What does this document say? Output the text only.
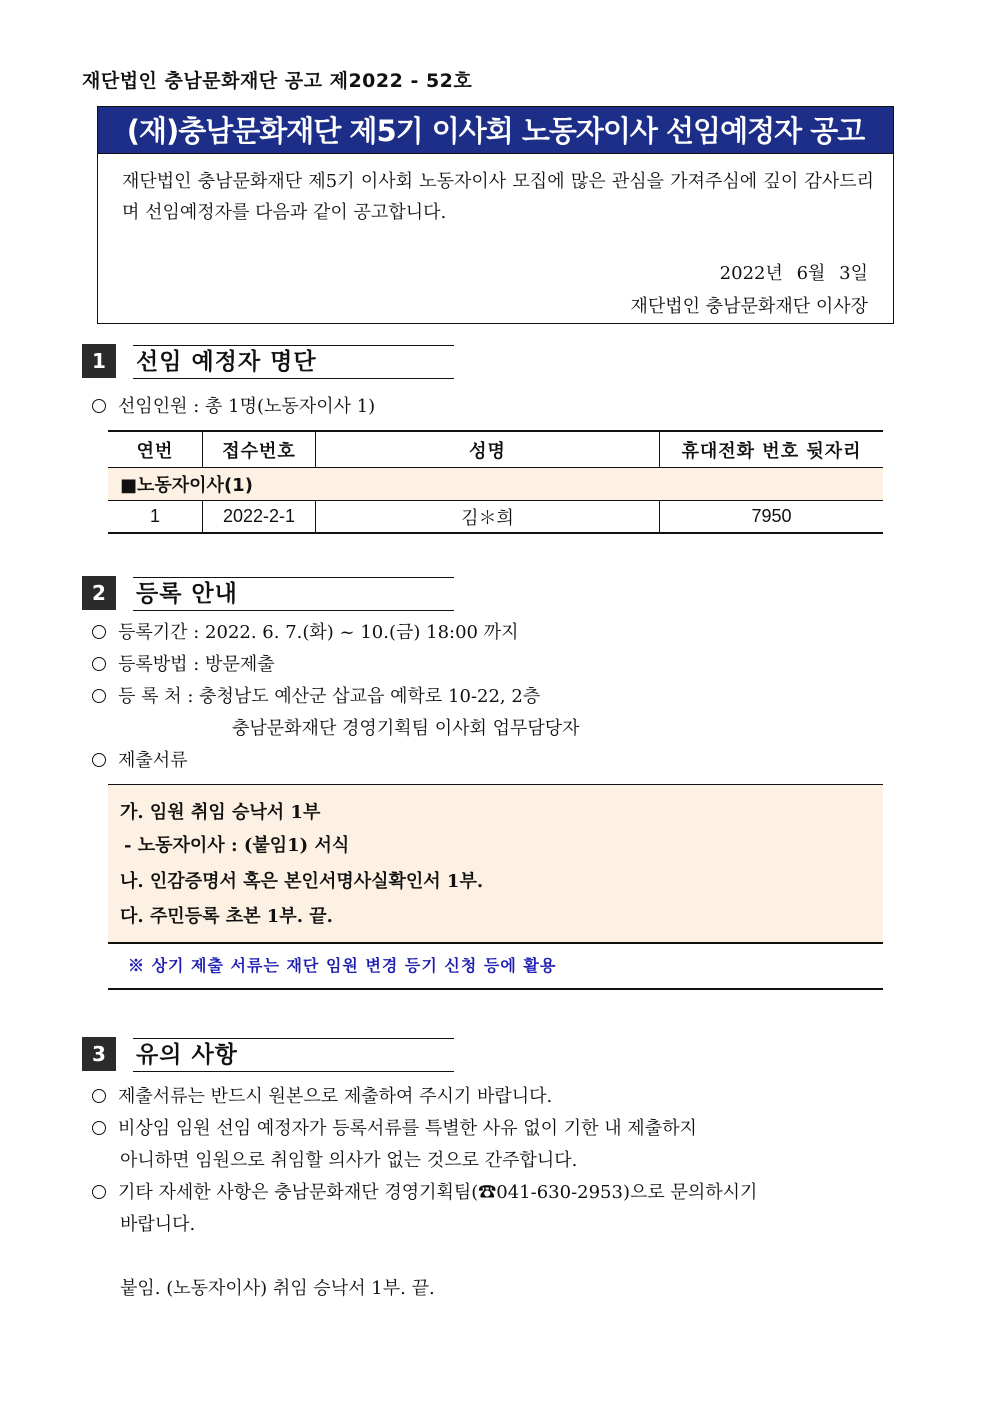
재단법인 충남문화재단 공고 제2022 - 52호
(재)충남문화재단 제5기 이사회 노동자이사 선임예정자 공고
재단법인 충남문화재단 제5기 이사회 노동자이사 모집에 많은 관심을 가져주심에 깊이 감사드리며 선임예정자를 다음과 같이 공고합니다.
2022년 6월 3일
재단법인 충남문화재단 이사장
1	선임 예정자 명단
선임인원 : 총 1명(노동자이사 1)
연번	접수번호	성명	휴대전화 번호 뒷자리
■노동자이사(1)			
1	2022-2-1	김＊희	7950
2	등록 안내
등록기간 : 2022. 6. 7.(화) ~ 10.(금) 18:00 까지
등록방법 : 방문제출
등 록 처 : 충청남도 예산군 삽교읍 예학로 10-22, 2층
충남문화재단 경영기획팀 이사회 업무담당자
제출서류
가. 임원 취임 승낙서 1부
- 노동자이사 : (붙임1) 서식
나. 인감증명서 혹은 본인서명사실확인서 1부.
다. 주민등록 초본 1부. 끝.
※ 상기 제출 서류는 재단 임원 변경 등기 신청 등에 활용
3	유의 사항
제출서류는 반드시 원본으로 제출하여 주시기 바랍니다.
비상임 임원 선임 예정자가 등록서류를 특별한 사유 없이 기한 내 제출하지
아니하면 임원으로 취임할 의사가 없는 것으로 간주합니다.
기타 자세한 사항은 충남문화재단 경영기획팀(☎041-630-2953)으로 문의하시기
바랍니다.
붙임. (노동자이사) 취임 승낙서 1부. 끝.
